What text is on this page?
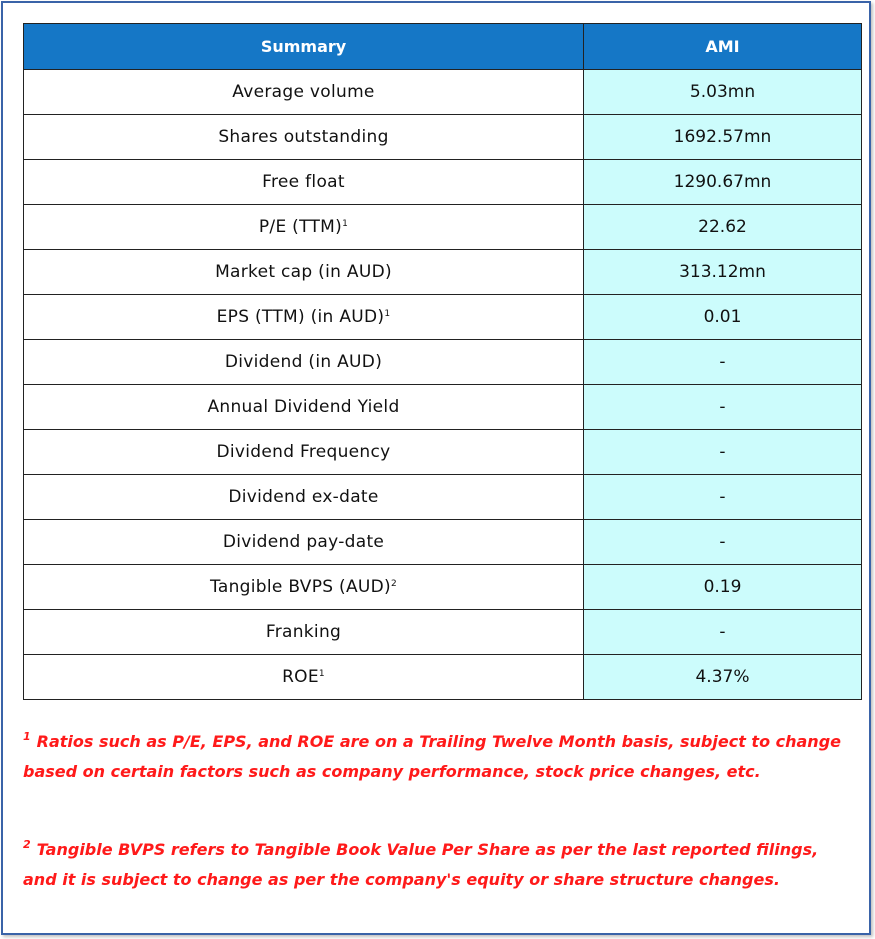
Summary	AMI
Average volume	5.03mn
Shares outstanding	1692.57mn
Free float	1290.67mn
P/E (TTM)$^1$	22.62
Market cap (in AUD)	313.12mn
EPS (TTM) (in AUD)$^1$	0.01
Dividend (in AUD)	-
Annual Dividend Yield	-
Dividend Frequency	-
Dividend ex-date	-
Dividend pay-date	-
Tangible BVPS (AUD)$^2$	0.19
Franking	-
ROE$^1$	4.37%

$^1$ Ratios such as P/E, EPS, and ROE are on a Trailing Twelve Month basis, subject to change based on certain factors such as company performance, stock price changes, etc.

$^2$ Tangible BVPS refers to Tangible Book Value Per Share as per the last reported filings, and it is subject to change as per the company's equity or share structure changes.
